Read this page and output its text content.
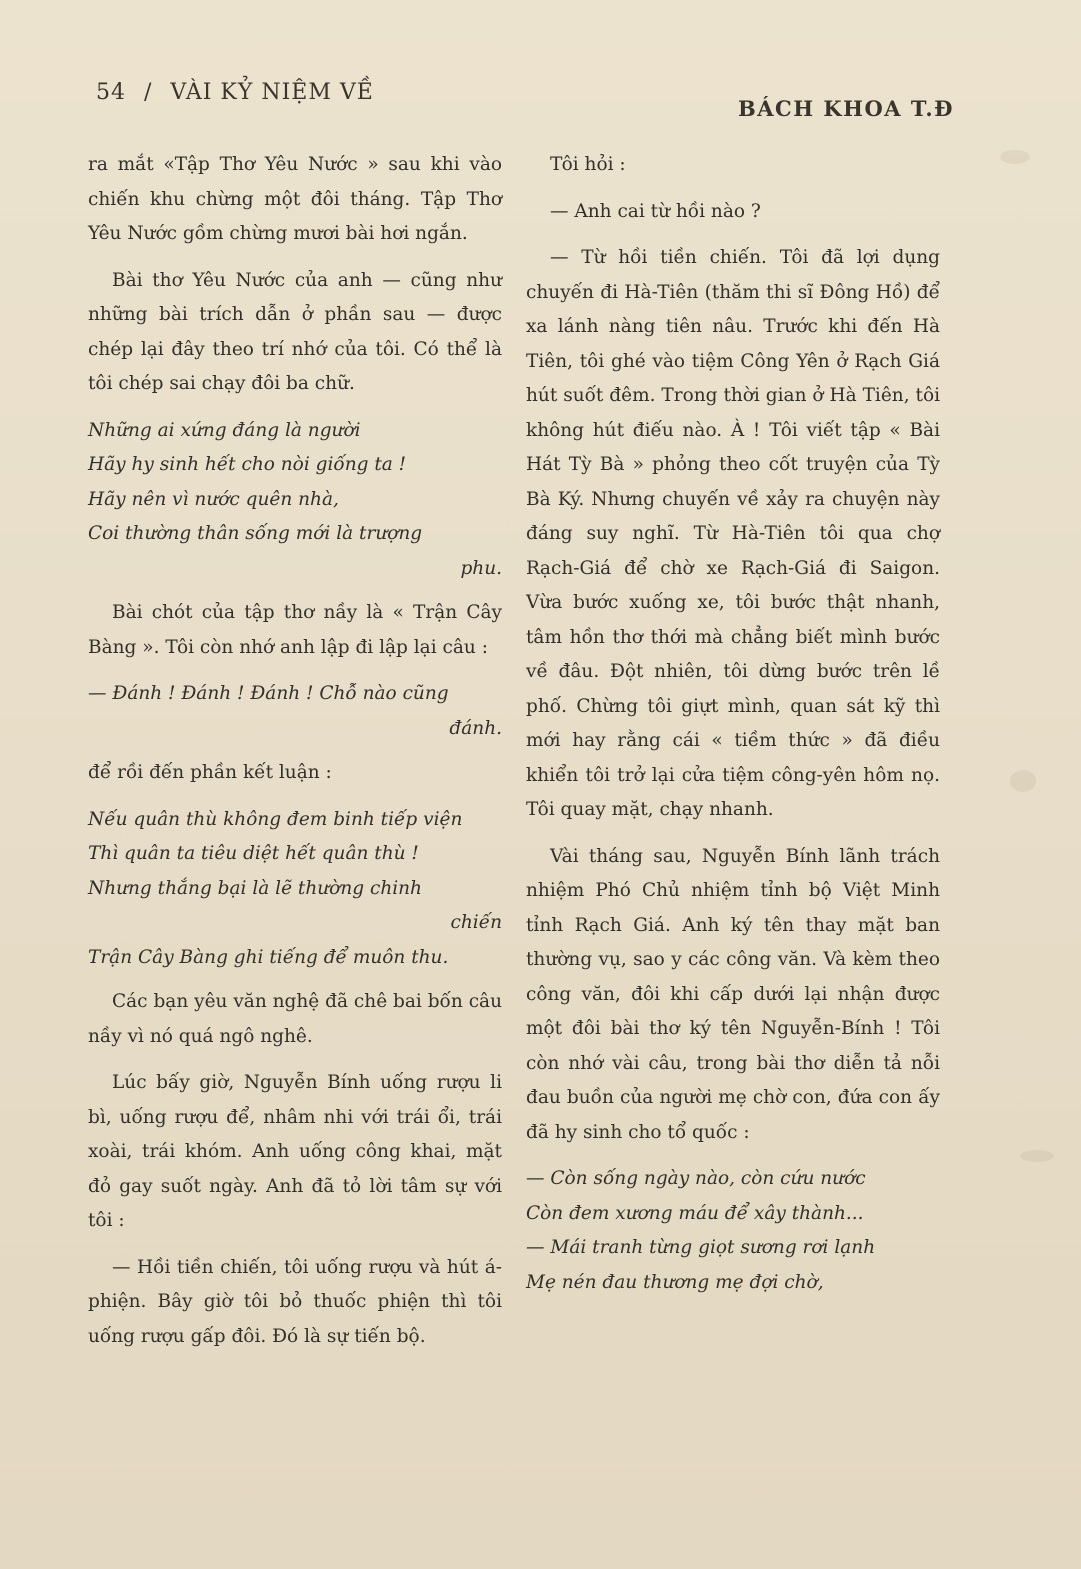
54 / VÀI KỶ NIỆM VỀ
BÁCH KHOA T.Đ

ra mắt «Tập Thơ Yêu Nước » sau khi vào chiến khu chừng một đôi tháng. Tập Thơ Yêu Nước gồm chừng mươi bài hơi ngắn.

Bài thơ Yêu Nước của anh — cũng như những bài trích dẫn ở phần sau — được chép lại đây theo trí nhớ của tôi. Có thể là tôi chép sai chạy đôi ba chữ.

Những ai xứng đáng là người
Hãy hy sinh hết cho nòi giống ta !
Hãy nên vì nước quên nhà,
Coi thường thân sống mới là trượng
phu.

Bài chót của tập thơ nầy là « Trận Cây Bàng ». Tôi còn nhớ anh lập đi lập lại câu :

— Đánh ! Đánh ! Đánh ! Chỗ nào cũng
đánh.

để rồi đến phần kết luận :

Nếu quân thù không đem binh tiếp viện
Thì quân ta tiêu diệt hết quân thù !
Nhưng thắng bại là lẽ thường chinh
chiến
Trận Cây Bàng ghi tiếng để muôn thu.

Các bạn yêu văn nghệ đã chê bai bốn câu nầy vì nó quá ngô nghê.

Lúc bấy giờ, Nguyễn Bính uống rượu li bì, uống rượu để, nhâm nhi với trái ổi, trái xoài, trái khóm. Anh uống công khai, mặt đỏ gay suốt ngày. Anh đã tỏ lời tâm sự với tôi :

— Hồi tiền chiến, tôi uống rượu và hút á-phiện. Bây giờ tôi bỏ thuốc phiện thì tôi uống rượu gấp đôi. Đó là sự tiến bộ.

Tôi hỏi :

— Anh cai từ hồi nào ?

— Từ hồi tiền chiến. Tôi đã lợi dụng chuyến đi Hà-Tiên (thăm thi sĩ Đông Hồ) để xa lánh nàng tiên nâu. Trước khi đến Hà Tiên, tôi ghé vào tiệm Công Yên ở Rạch Giá hút suốt đêm. Trong thời gian ở Hà Tiên, tôi không hút điếu nào. À ! Tôi viết tập « Bài Hát Tỳ Bà » phỏng theo cốt truyện của Tỳ Bà Ký. Nhưng chuyến về xảy ra chuyện này đáng suy nghĩ. Từ Hà-Tiên tôi qua chợ Rạch-Giá để chờ xe Rạch-Giá đi Saigon. Vừa bước xuống xe, tôi bước thật nhanh, tâm hồn thơ thới mà chẳng biết mình bước về đâu. Đột nhiên, tôi dừng bước trên lề phố. Chừng tôi giựt mình, quan sát kỹ thì mới hay rằng cái « tiềm thức » đã điều khiển tôi trở lại cửa tiệm công-yên hôm nọ. Tôi quay mặt, chạy nhanh.

Vài tháng sau, Nguyễn Bính lãnh trách nhiệm Phó Chủ nhiệm tỉnh bộ Việt Minh tỉnh Rạch Giá. Anh ký tên thay mặt ban thường vụ, sao y các công văn. Và kèm theo công văn, đôi khi cấp dưới lại nhận được một đôi bài thơ ký tên Nguyễn-Bính ! Tôi còn nhớ vài câu, trong bài thơ diễn tả nỗi đau buồn của người mẹ chờ con, đứa con ấy đã hy sinh cho tổ quốc :

— Còn sống ngày nào, còn cứu nước
Còn đem xương máu để xây thành...
— Mái tranh từng giọt sương rơi lạnh
Mẹ nén đau thương mẹ đợi chờ,
